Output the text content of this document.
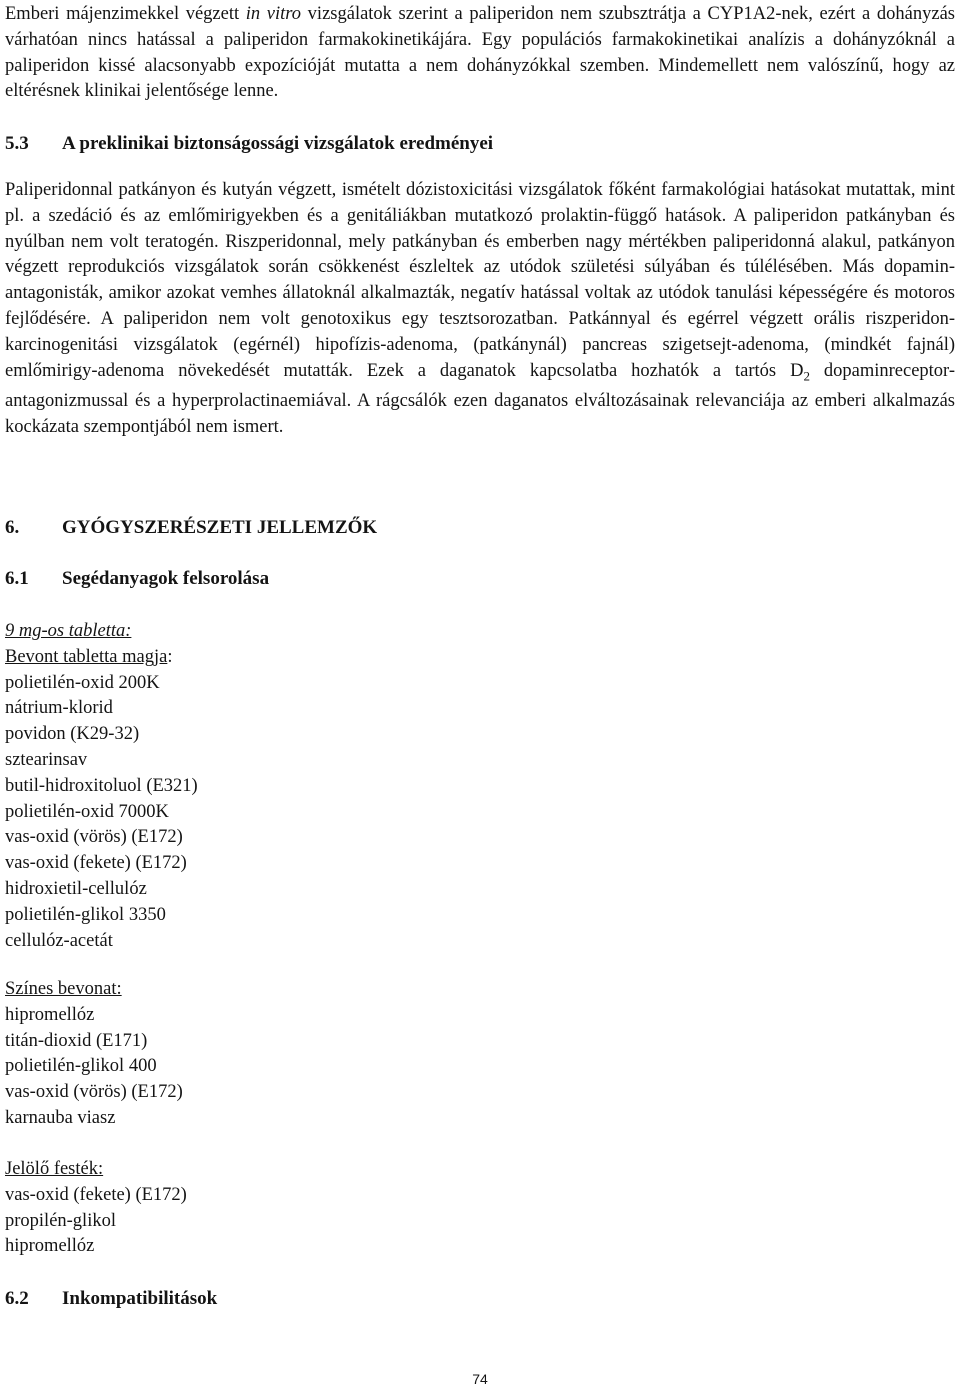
Emberi májenzimekkel végzett in vitro vizsgálatok szerint a paliperidon nem szubsztrátja a CYP1A2-nek, ezért a dohányzás várhatóan nincs hatással a paliperidon farmakokinetikájára. Egy populációs farmakokinetikai analízis a dohányzóknál a paliperidon kissé alacsonyabb expozícióját mutatta a nem dohányzókkal szemben. Mindemellett nem valószínű, hogy az eltérésnek klinikai jelentősége lenne.

5.3 A preklinikai biztonságossági vizsgálatok eredményei

Paliperidonnal patkányon és kutyán végzett, ismételt dózistoxicitási vizsgálatok főként farmakológiai hatásokat mutattak, mint pl. a szedáció és az emlőmirigyekben és a genitáliákban mutatkozó prolaktin-függő hatások. A paliperidon patkányban és nyúlban nem volt teratogén. Riszperidonnal, mely patkányban és emberben nagy mértékben paliperidonná alakul, patkányon végzett reprodukciós vizsgálatok során csökkenést észleltek az utódok születési súlyában és túlélésében. Más dopamin-antagonisták, amikor azokat vemhes állatoknál alkalmazták, negatív hatással voltak az utódok tanulási képességére és motoros fejlődésére. A paliperidon nem volt genotoxikus egy tesztsorozatban. Patkánnyal és egérrel végzett orális riszperidon-karcinogenitási vizsgálatok (egérnél) hipofízis-adenoma, (patkánynál) pancreas szigetsejt-adenoma, (mindkét fajnál) emlőmirigy-adenoma növekedését mutatták. Ezek a daganatok kapcsolatba hozhatók a tartós $D_2$ dopaminreceptor-antagonizmussal és a hyperprolactinaemiával. A rágcsálók ezen daganatos elváltozásainak relevanciája az emberi alkalmazás kockázata szempontjából nem ismert.

6. GYÓGYSZERÉSZETI JELLEMZŐK
6.1 Segédanyagok felsorolása
9 mg-os tabletta:
Bevont tabletta magja:
polietilén-oxid 200K
nátrium-klorid
povidon (K29-32)
sztearinsav
butil-hidroxitoluol (E321)
polietilén-oxid 7000K
vas-oxid (vörös) (E172)
vas-oxid (fekete) (E172)
hidroxietil-cellulóz
polietilén-glikol 3350
cellulóz-acetát
Színes bevonat:
hipromellóz
titán-dioxid (E171)
polietilén-glikol 400
vas-oxid (vörös) (E172)
karnauba viasz
Jelölő festék:
vas-oxid (fekete) (E172)
propilén-glikol
hipromellóz
6.2 Inkompatibilitások
74
